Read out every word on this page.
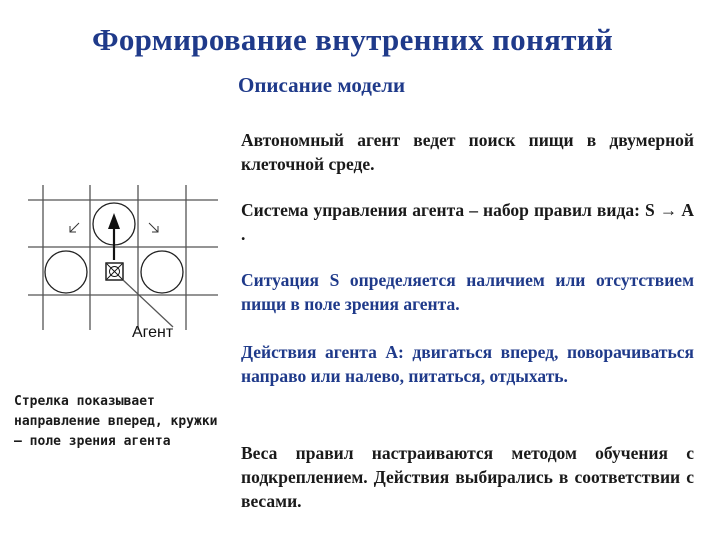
Формирование внутренних понятий
Описание модели
Автономный агент ведет поиск пищи в двумерной клеточной среде.
Система управления агента – набор правил вида: S → A .
Ситуация S определяется наличием или отсутствием пищи в поле зрения агента.
Действия агента A: двигаться вперед, поворачиваться направо или налево, питаться, отдыхать.
Веса правил настраиваются методом обучения с подкреплением. Действия выбирались в соответствии с весами.
Агент
Стрелка показывает направление вперед, кружки – поле зрения агента
